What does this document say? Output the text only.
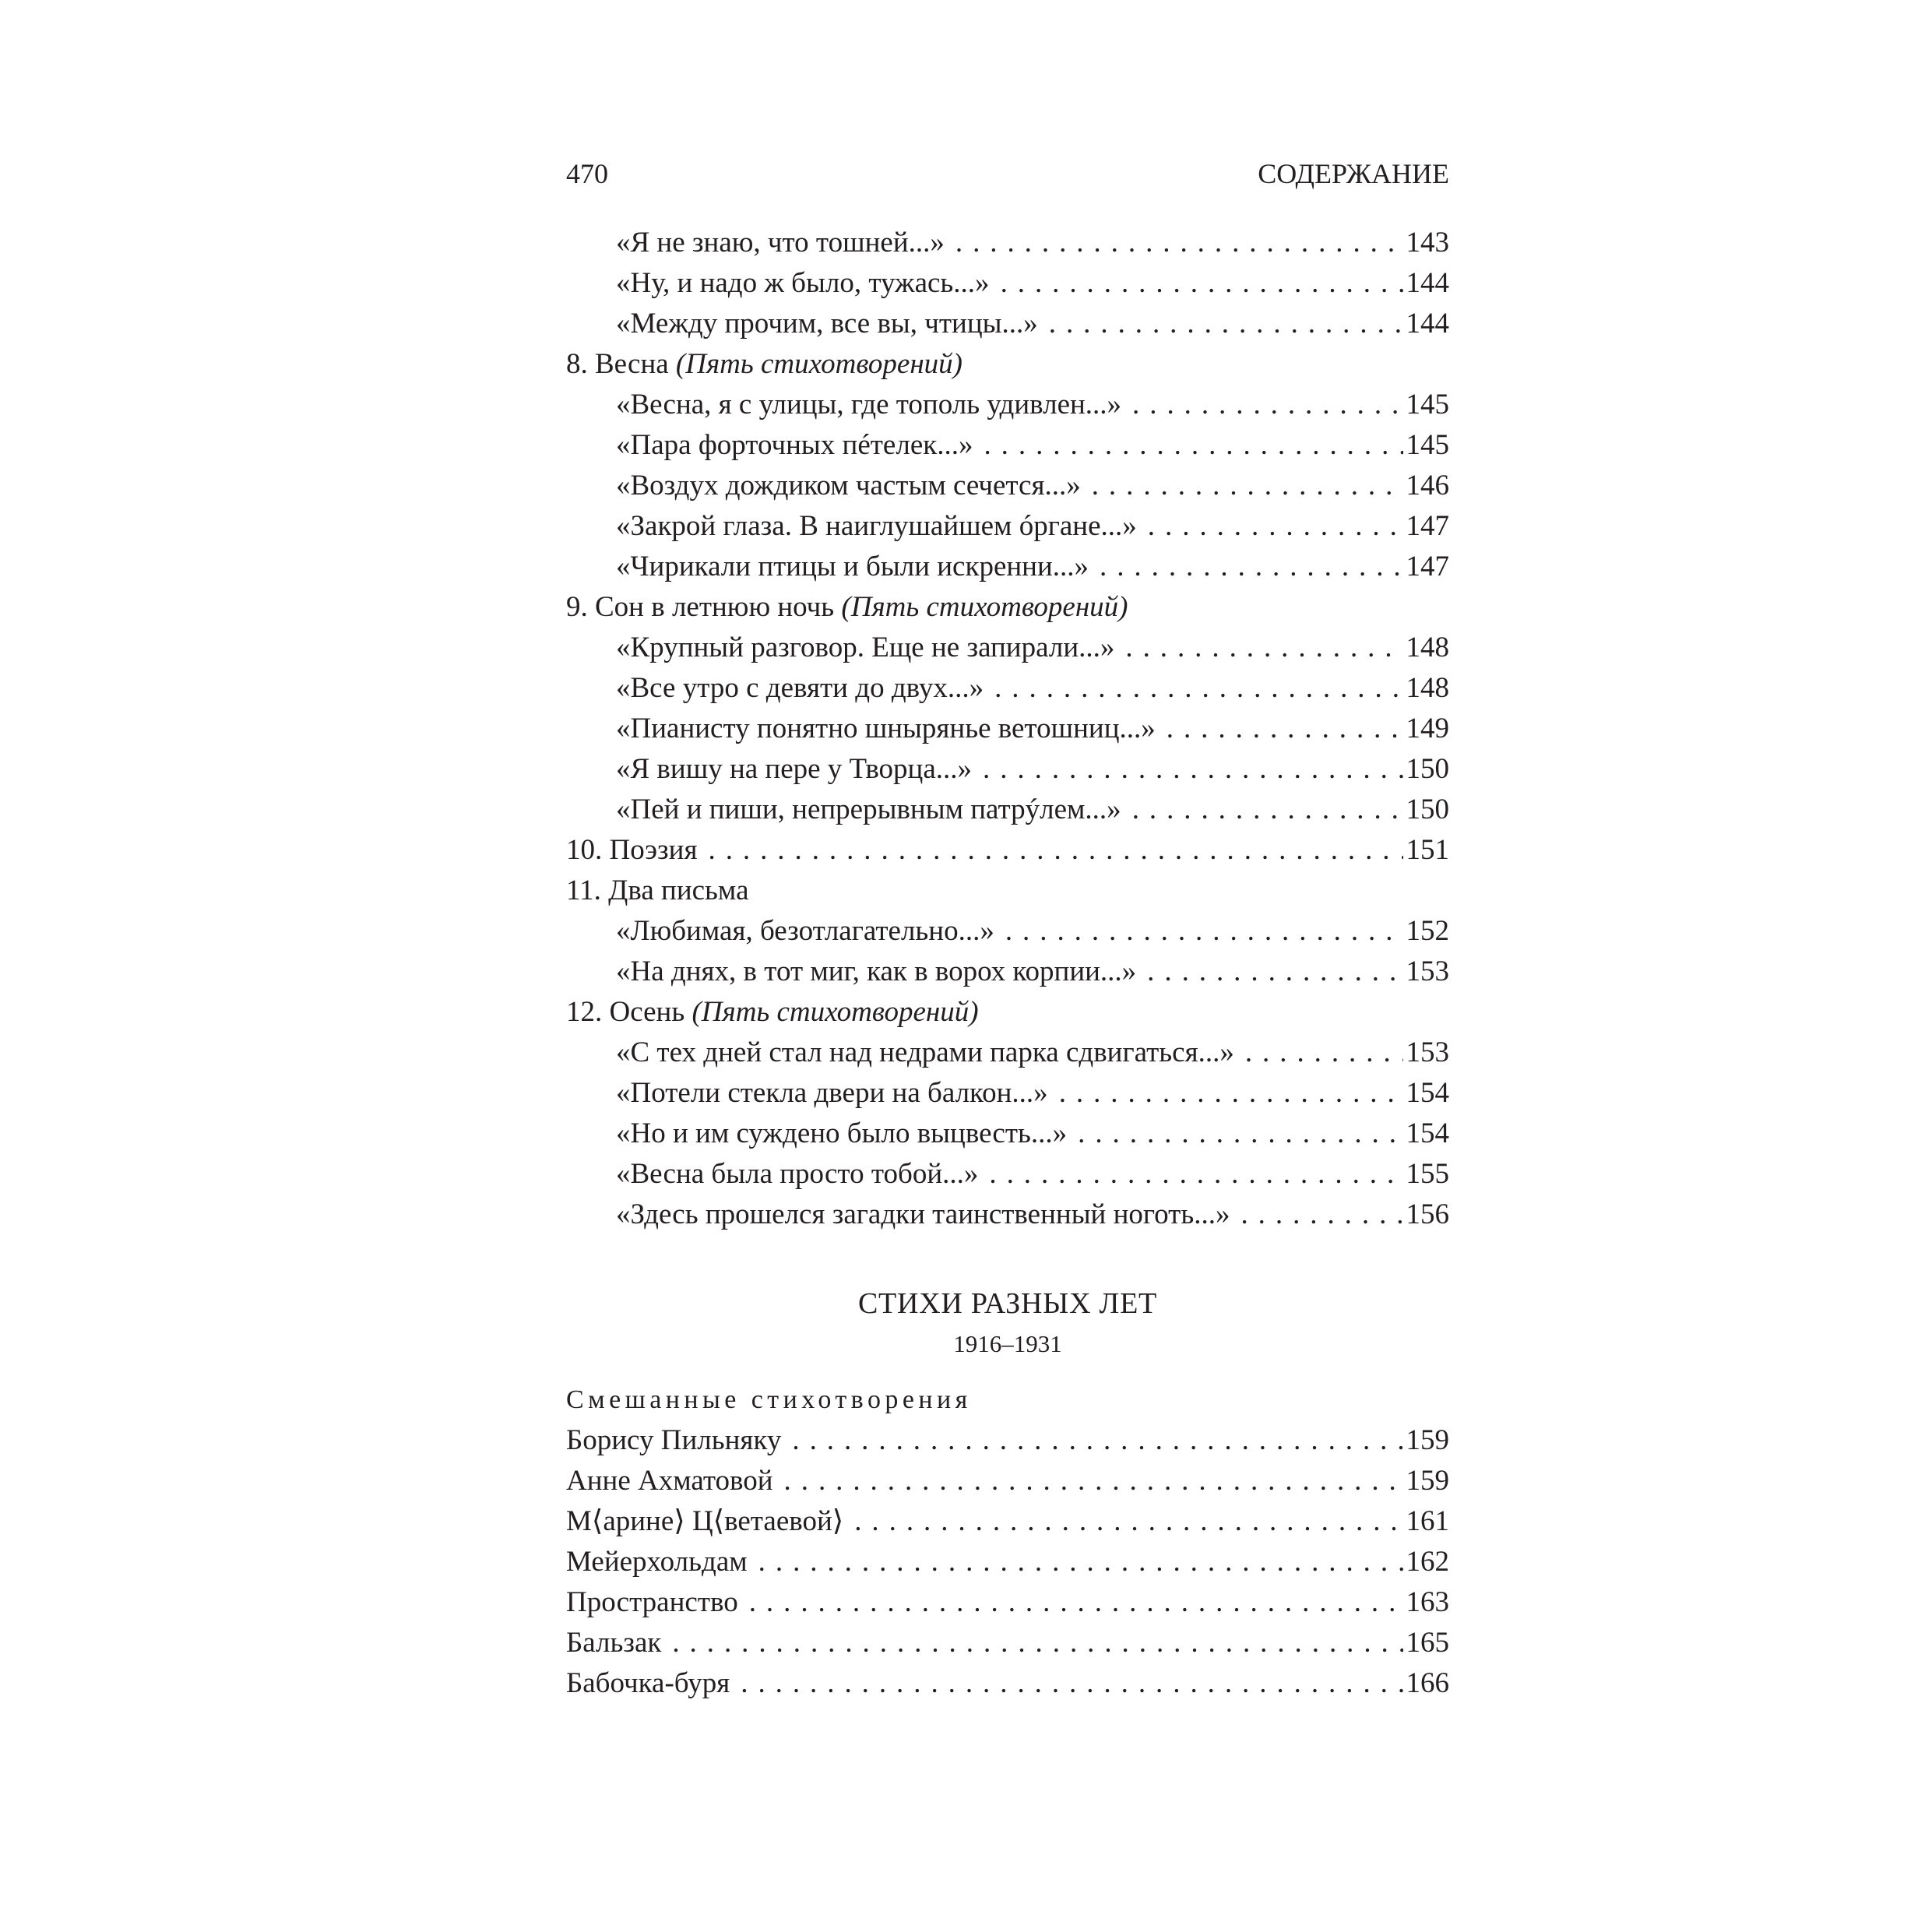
470	СОДЕРЖАНИЕ
«Я не знаю, что тошней...» . . .	143
«Ну, и надо ж было, тужась...» . . .	144
«Между прочим, все вы, чтицы...» . . .	144
8. Весна (Пять стихотворений)
«Весна, я с улицы, где тополь удивлен...» . . .	145
«Пара форточных пéтелек...» . . .	145
«Воздух дождиком частым сечется...» . . .	146
«Закрой глаза. В наиглушайшем óргане...» . . .	147
«Чирикали птицы и были искренни...» . . .	147
9. Сон в летнюю ночь (Пять стихотворений)
«Крупный разговор. Еще не запирали...» . . .	148
«Все утро с девяти до двух...» . . .	148
«Пианисту понятно шнырянье ветошниц...» . . .	149
«Я вишу на пере у Творца...» . . .	150
«Пей и пиши, непрерывным патрýлем...» . . .	150
10. Поэзия . . .	151
11. Два письма
«Любимая, безотлагательно...» . . .	152
«На днях, в тот миг, как в ворох корпии...» . . .	153
12. Осень (Пять стихотворений)
«С тех дней стал над недрами парка сдвигаться...» . . .	153
«Потели стекла двери на балкон...» . . .	154
«Но и им суждено было выцвесть...» . . .	154
«Весна была просто тобой...» . . .	155
«Здесь прошелся загадки таинственный ноготь...» . . .	156
СТИХИ РАЗНЫХ ЛЕТ
1916–1931
Смешанные стихотворения
Борису Пильняку . . .	159
Анне Ахматовой . . .	159
М⟨арине⟩ Ц⟨ветаевой⟩ . . .	161
Мейерхольдам . . .	162
Пространство . . .	163
Бальзак . . .	165
Бабочка-буря . . .	166
